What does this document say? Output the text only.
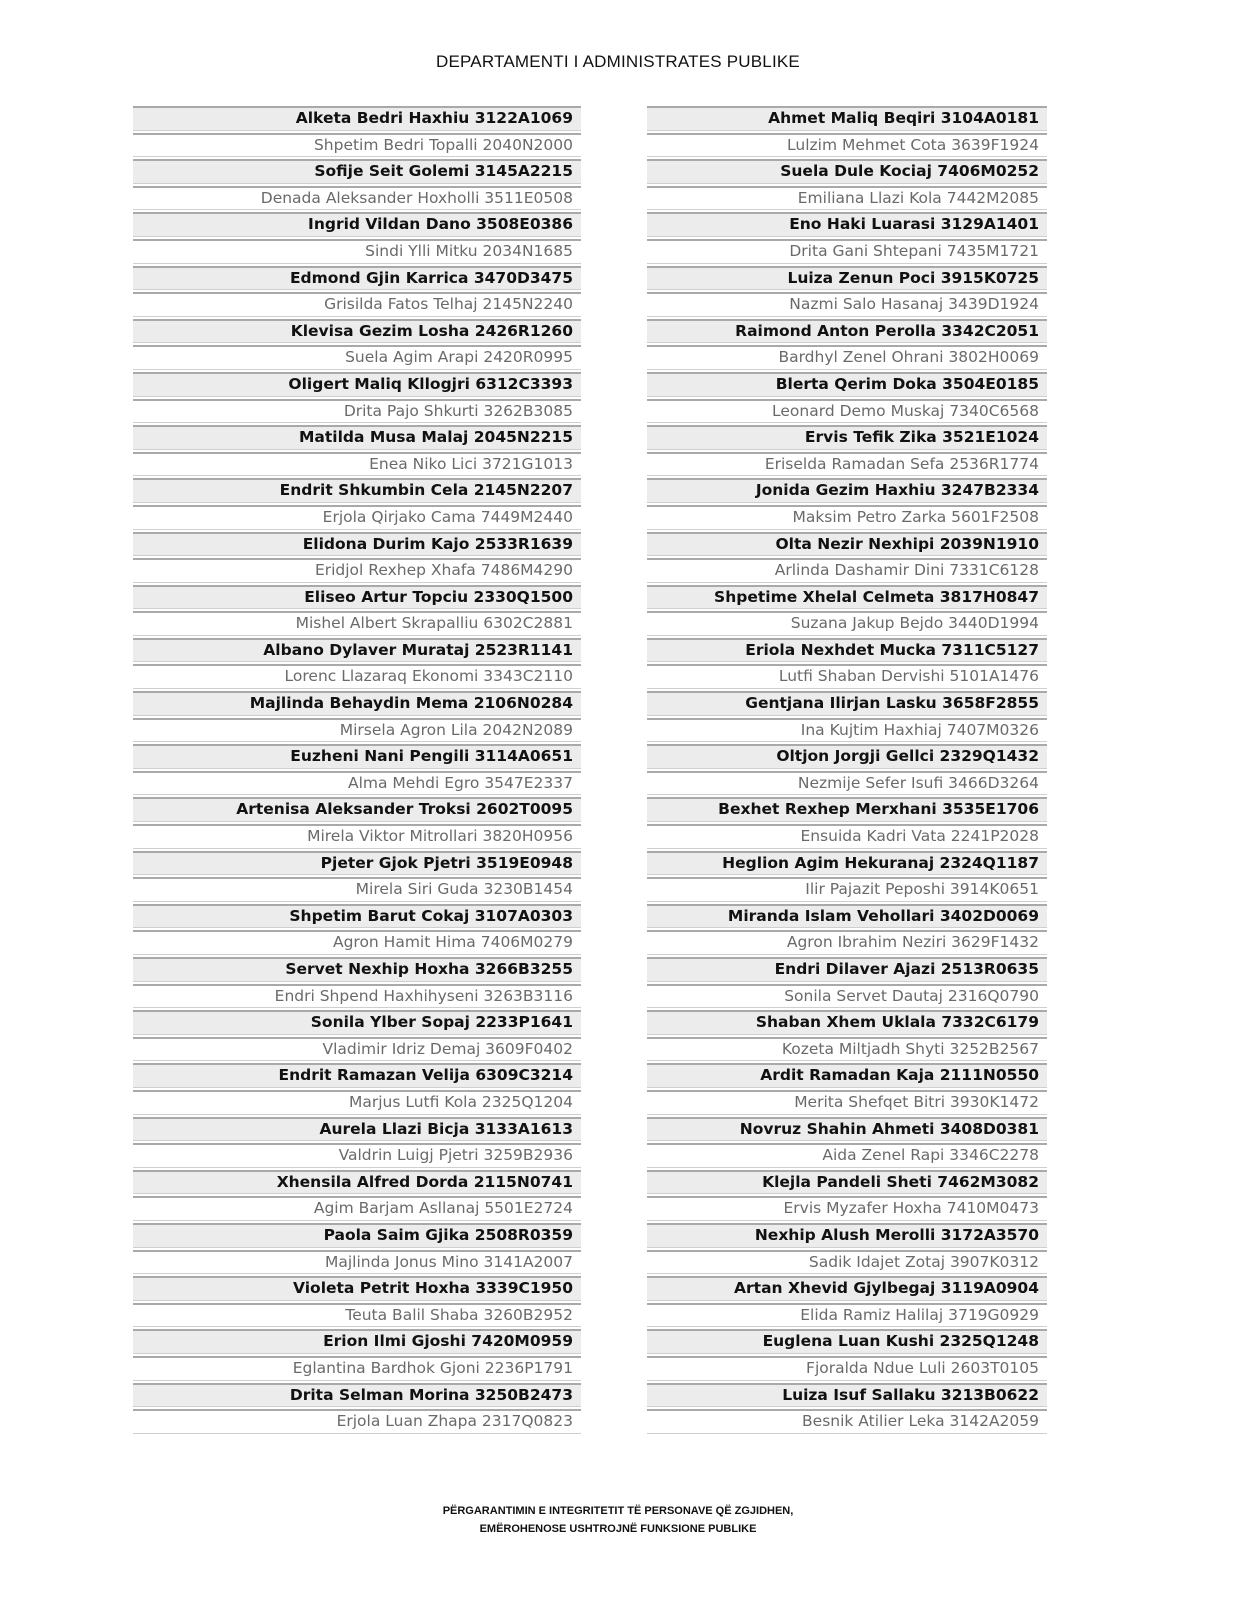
DEPARTAMENTI I ADMINISTRATES PUBLIKE
Alketa Bedri Haxhiu 3122A1069
Shpetim Bedri Topalli 2040N2000
Sofije Seit Golemi 3145A2215
Denada Aleksander Hoxholli 3511E0508
Ingrid Vildan Dano 3508E0386
Sindi Ylli Mitku 2034N1685
Edmond Gjin Karrica 3470D3475
Grisilda Fatos Telhaj 2145N2240
Klevisa Gezim Losha 2426R1260
Suela Agim Arapi 2420R0995
Oligert Maliq Kllogjri 6312C3393
Drita Pajo Shkurti 3262B3085
Matilda Musa Malaj 2045N2215
Enea Niko Lici 3721G1013
Endrit Shkumbin Cela 2145N2207
Erjola Qirjako Cama 7449M2440
Elidona Durim Kajo 2533R1639
Eridjol Rexhep Xhafa 7486M4290
Eliseo Artur Topciu 2330Q1500
Mishel Albert Skrapalliu 6302C2881
Albano Dylaver Murataj 2523R1141
Lorenc Llazaraq Ekonomi 3343C2110
Majlinda Behaydin Mema 2106N0284
Mirsela Agron Lila 2042N2089
Euzheni Nani Pengili 3114A0651
Alma Mehdi Egro 3547E2337
Artenisa Aleksander Troksi 2602T0095
Mirela Viktor Mitrollari 3820H0956
Pjeter Gjok Pjetri 3519E0948
Mirela Siri Guda 3230B1454
Shpetim Barut Cokaj 3107A0303
Agron Hamit Hima 7406M0279
Servet Nexhip Hoxha 3266B3255
Endri Shpend Haxhihyseni 3263B3116
Sonila Ylber Sopaj 2233P1641
Vladimir Idriz Demaj 3609F0402
Endrit Ramazan Velija 6309C3214
Marjus Lutfi Kola 2325Q1204
Aurela Llazi Bicja 3133A1613
Valdrin Luigj Pjetri 3259B2936
Xhensila Alfred Dorda 2115N0741
Agim Barjam Asllanaj 5501E2724
Paola Saim Gjika 2508R0359
Majlinda Jonus Mino 3141A2007
Violeta Petrit Hoxha 3339C1950
Teuta Balil Shaba 3260B2952
Erion Ilmi Gjoshi 7420M0959
Eglantina Bardhok Gjoni 2236P1791
Drita Selman Morina 3250B2473
Erjola Luan Zhapa 2317Q0823
Ahmet Maliq Beqiri 3104A0181
Lulzim Mehmet Cota 3639F1924
Suela Dule Kociaj 7406M0252
Emiliana Llazi Kola 7442M2085
Eno Haki Luarasi 3129A1401
Drita Gani Shtepani 7435M1721
Luiza Zenun Poci 3915K0725
Nazmi Salo Hasanaj 3439D1924
Raimond Anton Perolla 3342C2051
Bardhyl Zenel Ohrani 3802H0069
Blerta Qerim Doka 3504E0185
Leonard Demo Muskaj 7340C6568
Ervis Tefik Zika 3521E1024
Eriselda Ramadan Sefa 2536R1774
Jonida Gezim Haxhiu 3247B2334
Maksim Petro Zarka 5601F2508
Olta Nezir Nexhipi 2039N1910
Arlinda Dashamir Dini 7331C6128
Shpetime Xhelal Celmeta 3817H0847
Suzana Jakup Bejdo 3440D1994
Eriola Nexhdet Mucka 7311C5127
Lutfi Shaban Dervishi 5101A1476
Gentjana Ilirjan Lasku 3658F2855
Ina Kujtim Haxhiaj 7407M0326
Oltjon Jorgji Gellci 2329Q1432
Nezmije Sefer Isufi 3466D3264
Bexhet Rexhep Merxhani 3535E1706
Ensuida Kadri Vata 2241P2028
Heglion Agim Hekuranaj 2324Q1187
Ilir Pajazit Peposhi 3914K0651
Miranda Islam Vehollari 3402D0069
Agron Ibrahim Neziri 3629F1432
Endri Dilaver Ajazi 2513R0635
Sonila Servet Dautaj 2316Q0790
Shaban Xhem Uklala 7332C6179
Kozeta Miltjadh Shyti 3252B2567
Ardit Ramadan Kaja 2111N0550
Merita Shefqet Bitri 3930K1472
Novruz Shahin Ahmeti 3408D0381
Aida Zenel Rapi 3346C2278
Klejla Pandeli Sheti 7462M3082
Ervis Myzafer Hoxha 7410M0473
Nexhip Alush Merolli 3172A3570
Sadik Idajet Zotaj 3907K0312
Artan Xhevid Gjylbegaj 3119A0904
Elida Ramiz Halilaj 3719G0929
Euglena Luan Kushi 2325Q1248
Fjoralda Ndue Luli 2603T0105
Luiza Isuf Sallaku 3213B0622
Besnik Atilier Leka 3142A2059
PËRGARANTIMIN E INTEGRITETIT TË PERSONAVE QË ZGJIDHEN,
EMËROHENOSE USHTROJNË FUNKSIONE PUBLIKE
